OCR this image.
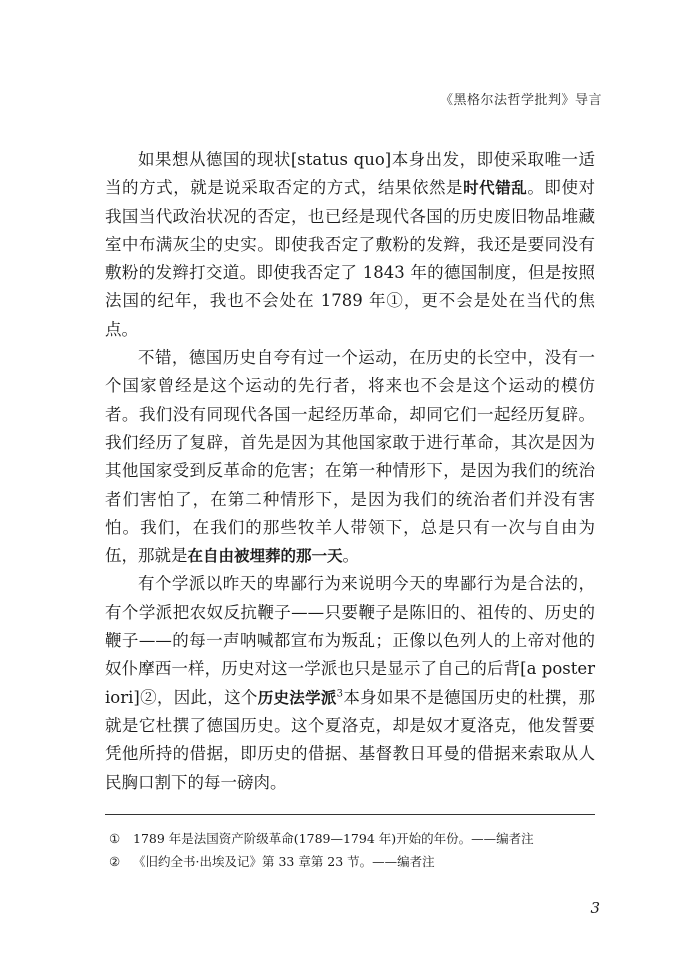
《黑格尔法哲学批判》导言

如果想从德国的现状[status quo]本身出发，即使采取唯一适当的方式，就是说采取否定的方式，结果依然是时代错乱。即使对我国当代政治状况的否定，也已经是现代各国的历史废旧物品堆藏室中布满灰尘的史实。即使我否定了敷粉的发辫，我还是要同没有敷粉的发辫打交道。即使我否定了 1843 年的德国制度，但是按照法国的纪年，我也不会处在 1789 年①，更不会是处在当代的焦点。

不错，德国历史自夸有过一个运动，在历史的长空中，没有一个国家曾经是这个运动的先行者，将来也不会是这个运动的模仿者。我们没有同现代各国一起经历革命，却同它们一起经历复辟。我们经历了复辟，首先是因为其他国家敢于进行革命，其次是因为其他国家受到反革命的危害；在第一种情形下，是因为我们的统治者们害怕了，在第二种情形下，是因为我们的统治者们并没有害怕。我们，在我们的那些牧羊人带领下，总是只有一次与自由为伍，那就是在自由被埋葬的那一天。

有个学派以昨天的卑鄙行为来说明今天的卑鄙行为是合法的，有个学派把农奴反抗鞭子——只要鞭子是陈旧的、祖传的、历史的鞭子——的每一声呐喊都宣布为叛乱；正像以色列人的上帝对他的奴仆摩西一样，历史对这一学派也只是显示了自己的后背[a posteriori]②，因此，这个历史法学派$^3$本身如果不是德国历史的杜撰，那就是它杜撰了德国历史。这个夏洛克，却是奴才夏洛克，他发誓要凭他所持的借据，即历史的借据、基督教日耳曼的借据来索取从人民胸口割下的每一磅肉。

① 1789 年是法国资产阶级革命(1789—1794 年)开始的年份。——编者注
② 《旧约全书·出埃及记》第 33 章第 23 节。——编者注
3
